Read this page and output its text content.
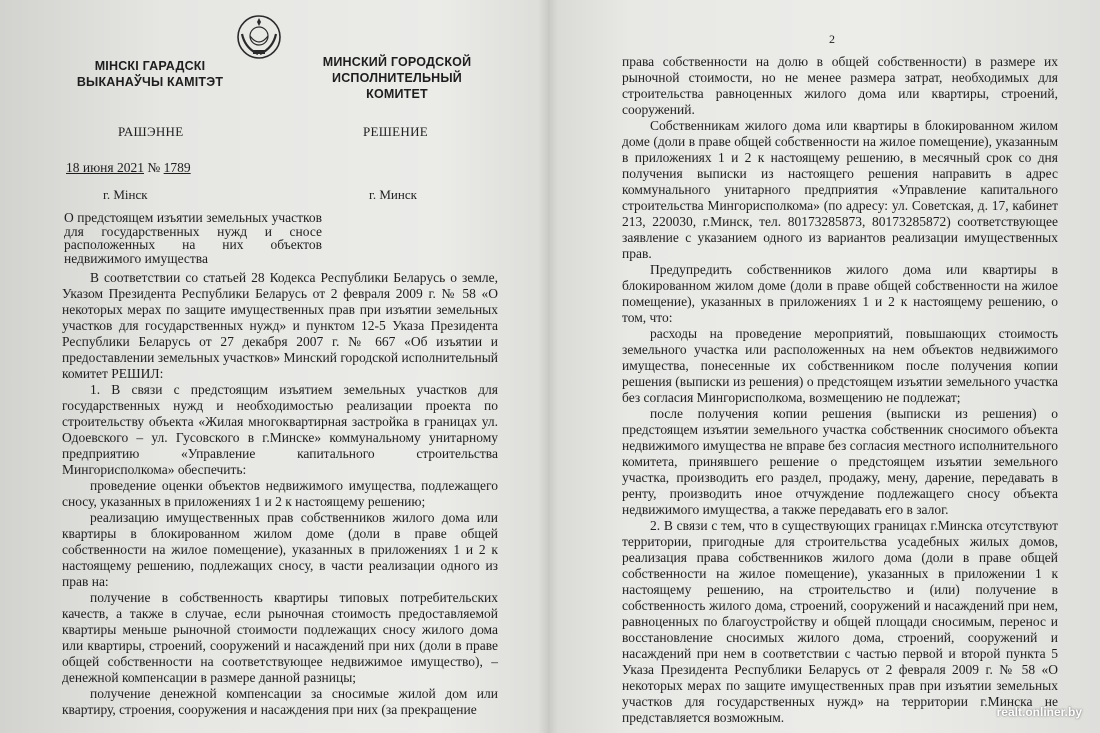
МІНСКІ ГАРАДСКІ
ВЫКАНАЎЧЫ КАМІТЭТ
МИНСКИЙ ГОРОДСКОЙ
ИСПОЛНИТЕЛЬНЫЙ КОМИТЕТ
РАШЭННЕ	РЕШЕНИЕ
18 июня 2021 № 1789
г. Мінск	г. Минск
О предстоящем изъятии земельных участков для государственных нужд и сносе расположенных на них объектов недвижимого имущества

В соответствии со статьей 28 Кодекса Республики Беларусь о земле, Указом Президента Республики Беларусь от 2 февраля 2009 г. № 58 «О некоторых мерах по защите имущественных прав при изъятии земельных участков для государственных нужд» и пунктом 12-5 Указа Президента Республики Беларусь от 27 декабря 2007 г. № 667 «Об изъятии и предоставлении земельных участков» Минский городской исполнительный комитет РЕШИЛ:

1. В связи с предстоящим изъятием земельных участков для государственных нужд и необходимостью реализации проекта по строительству объекта «Жилая многоквартирная застройка в границах ул. Одоевского – ул. Гусовского в г.Минске» коммунальному унитарному предприятию «Управление капитального строительства Мингорисполкома» обеспечить:

проведение оценки объектов недвижимого имущества, подлежащего сносу, указанных в приложениях 1 и 2 к настоящему решению;

реализацию имущественных прав собственников жилого дома или квартиры в блокированном жилом доме (доли в праве общей собственности на жилое помещение), указанных в приложениях 1 и 2 к настоящему решению, подлежащих сносу, в части реализации одного из прав на:

получение в собственность квартиры типовых потребительских качеств, а также в случае, если рыночная стоимость предоставляемой квартиры меньше рыночной стоимости подлежащих сносу жилого дома или квартиры, строений, сооружений и насаждений при них (доли в праве общей собственности на соответствующее недвижимое имущество), – денежной компенсации в размере данной разницы;

получение денежной компенсации за сносимые жилой дом или квартиру, строения, сооружения и насаждения при них (за прекращение

2

права собственности на долю в общей собственности) в размере их рыночной стоимости, но не менее размера затрат, необходимых для строительства равноценных жилого дома или квартиры, строений, сооружений.

Собственникам жилого дома или квартиры в блокированном жилом доме (доли в праве общей собственности на жилое помещение), указанным в приложениях 1 и 2 к настоящему решению, в месячный срок со дня получения выписки из настоящего решения направить в адрес коммунального унитарного предприятия «Управление капитального строительства Мингорисполкома» (по адресу: ул. Советская, д. 17, кабинет 213, 220030, г.Минск, тел. 80173285873, 80173285872) соответствующее заявление с указанием одного из вариантов реализации имущественных прав.

Предупредить собственников жилого дома или квартиры в блокированном жилом доме (доли в праве общей собственности на жилое помещение), указанных в приложениях 1 и 2 к настоящему решению, о том, что:

расходы на проведение мероприятий, повышающих стоимость земельного участка или расположенных на нем объектов недвижимого имущества, понесенные их собственником после получения копии решения (выписки из решения) о предстоящем изъятии земельного участка без согласия Мингорисполкома, возмещению не подлежат;

после получения копии решения (выписки из решения) о предстоящем изъятии земельного участка собственник сносимого объекта недвижимого имущества не вправе без согласия местного исполнительного комитета, принявшего решение о предстоящем изъятии земельного участка, производить его раздел, продажу, мену, дарение, передавать в ренту, производить иное отчуждение подлежащего сносу объекта недвижимого имущества, а также передавать его в залог.

2. В связи с тем, что в существующих границах г.Минска отсутствуют территории, пригодные для строительства усадебных жилых домов, реализация права собственников жилого дома (доли в праве общей собственности на жилое помещение), указанных в приложении 1 к настоящему решению, на строительство и (или) получение в собственность жилого дома, строений, сооружений и насаждений при нем, равноценных по благоустройству и общей площади сносимым, перенос и восстановление сносимых жилого дома, строений, сооружений и насаждений при нем в соответствии с частью первой и второй пункта 5 Указа Президента Республики Беларусь от 2 февраля 2009 г. № 58 «О некоторых мерах по защите имущественных прав при изъятии земельных участков для государственных нужд» на территории г.Минска не представляется возможным.	realt.onliner.by
